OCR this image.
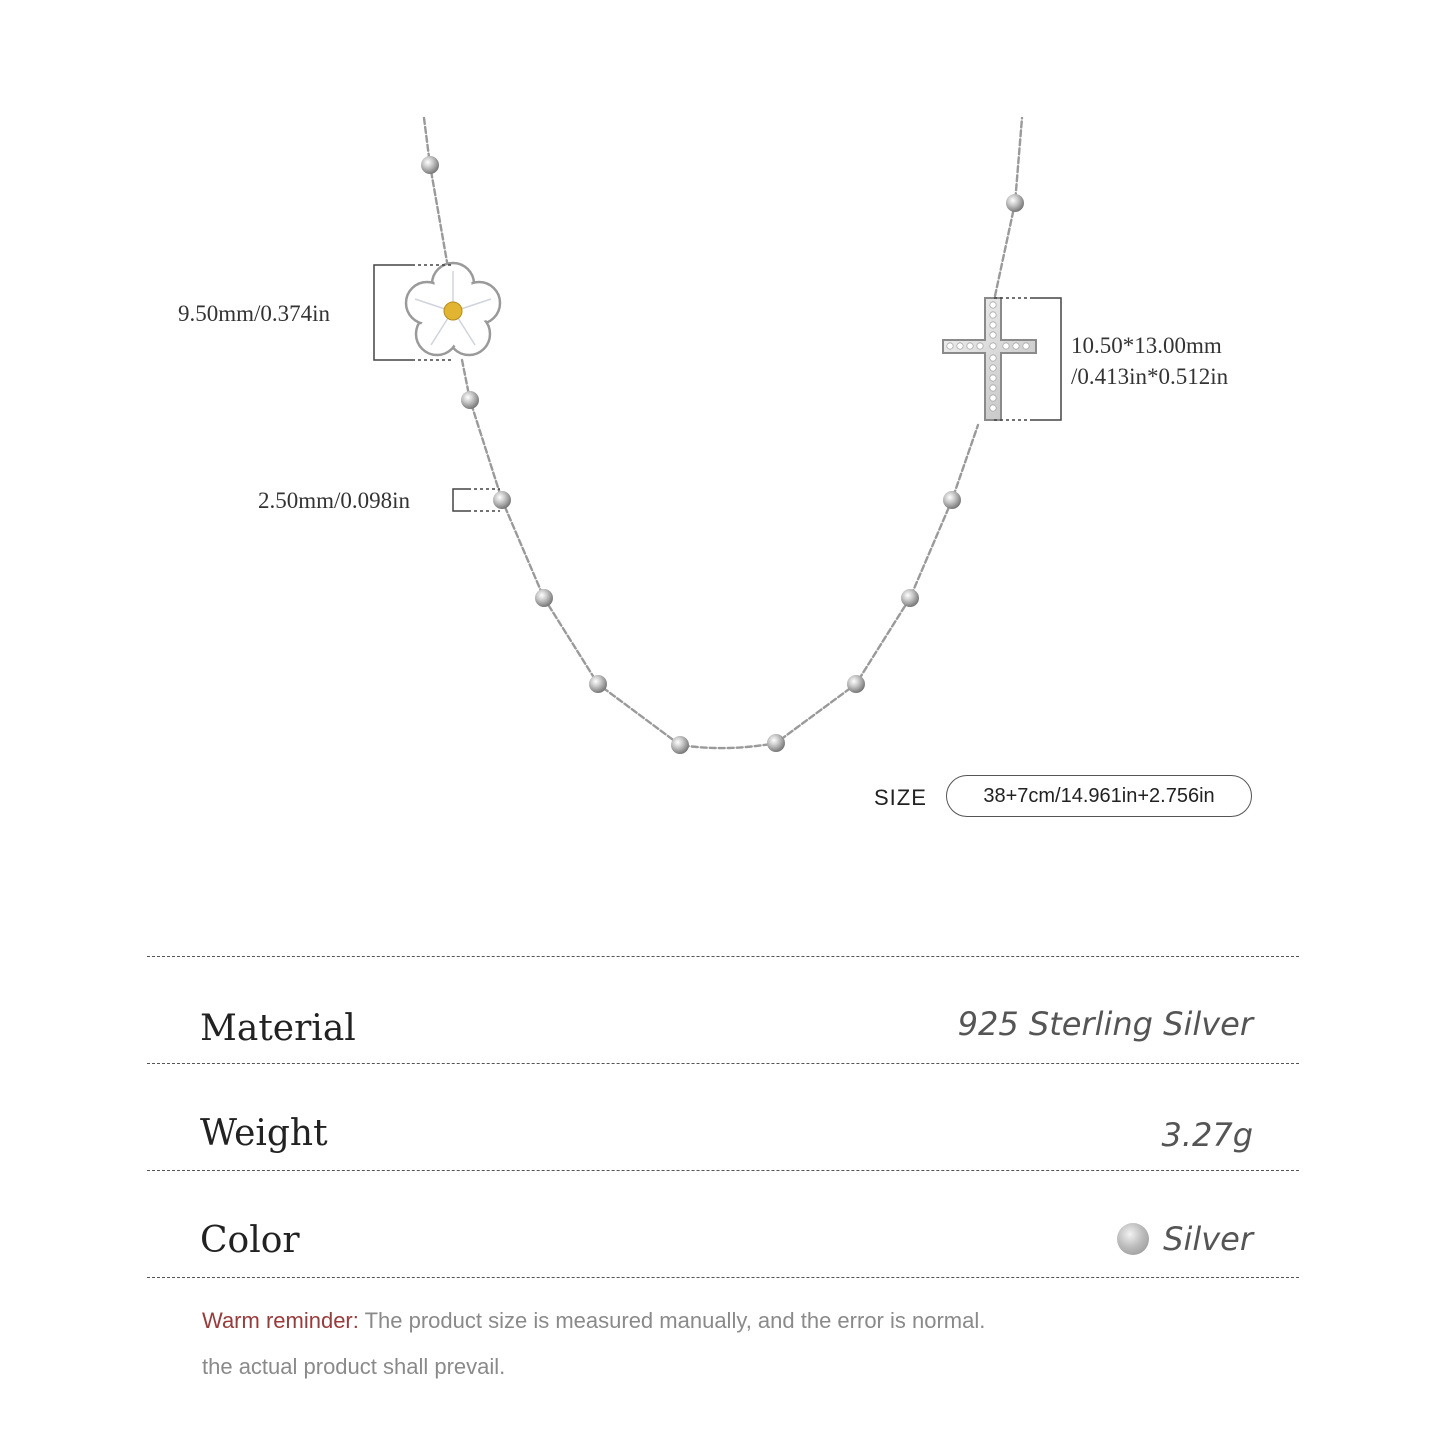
9.50mm/0.374in
2.50mm/0.098in
10.50*13.00mm
/0.413in*0.512in
SIZE	38+7cm/14.961in+2.756in
Material	925 Sterling Silver
Weight	3.27g
Color	Silver
Warm reminder: The product size is measured manually, and the error is normal.
the actual product shall prevail.
